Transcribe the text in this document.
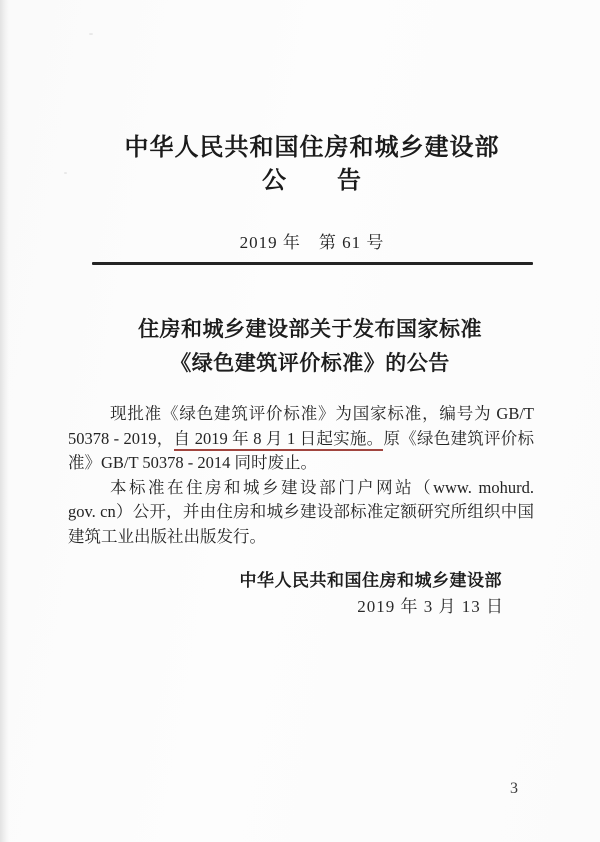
中华人民共和国住房和城乡建设部
公　　告
2019 年　第 61 号
住房和城乡建设部关于发布国家标准
《绿色建筑评价标准》的公告
现批准《绿色建筑评价标准》为国家标准，编号为 GB/T
50378 - 2019，自 2019 年 8 月 1 日起实施。原《绿色建筑评价标
准》GB/T 50378 - 2014 同时废止。
本标准在住房和城乡建设部门户网站（www. mohurd.
gov. cn）公开，并由住房和城乡建设部标准定额研究所组织中国
建筑工业出版社出版发行。
中华人民共和国住房和城乡建设部
2019 年 3 月 13 日
3
